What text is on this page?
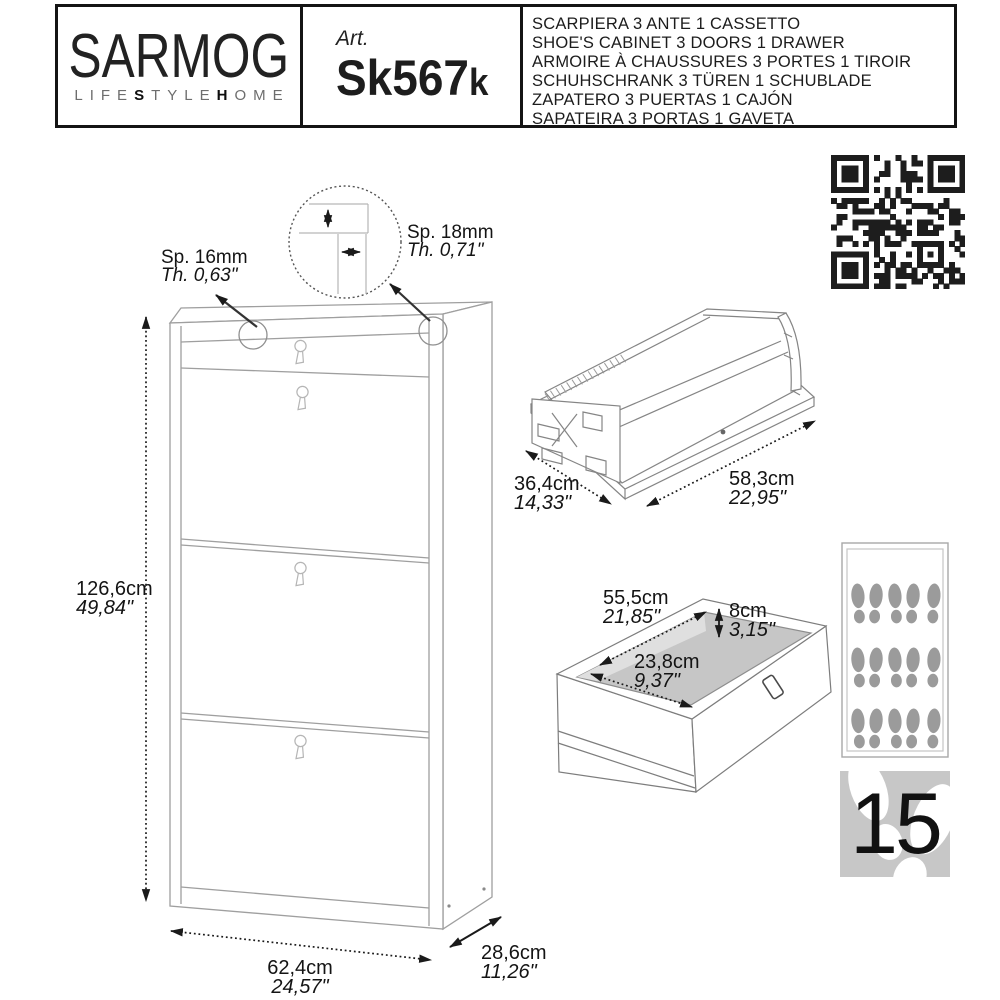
SARMOG
LIFESTYLEHOME
Art.
Sk567k
SCARPIERA 3 ANTE 1 CASSETTO
SHOE'S CABINET 3 DOORS 1 DRAWER
ARMOIRE À CHAUSSURES 3 PORTES 1 TIROIR
SCHUHSCHRANK 3 TÜREN 1 SCHUBLADE
ZAPATERO 3 PUERTAS 1 CAJÓN
SAPATEIRA 3 PORTAS 1 GAVETA
Sp. 16mm
Th. 0,63"
Sp. 18mm
Th. 0,71"
126,6cm
49,84"
62,4cm
24,57"
28,6cm
11,26"
36,4cm
14,33"
58,3cm
22,95"
55,5cm
21,85"	8cm
3,15"
23,8cm
9,37"
15
